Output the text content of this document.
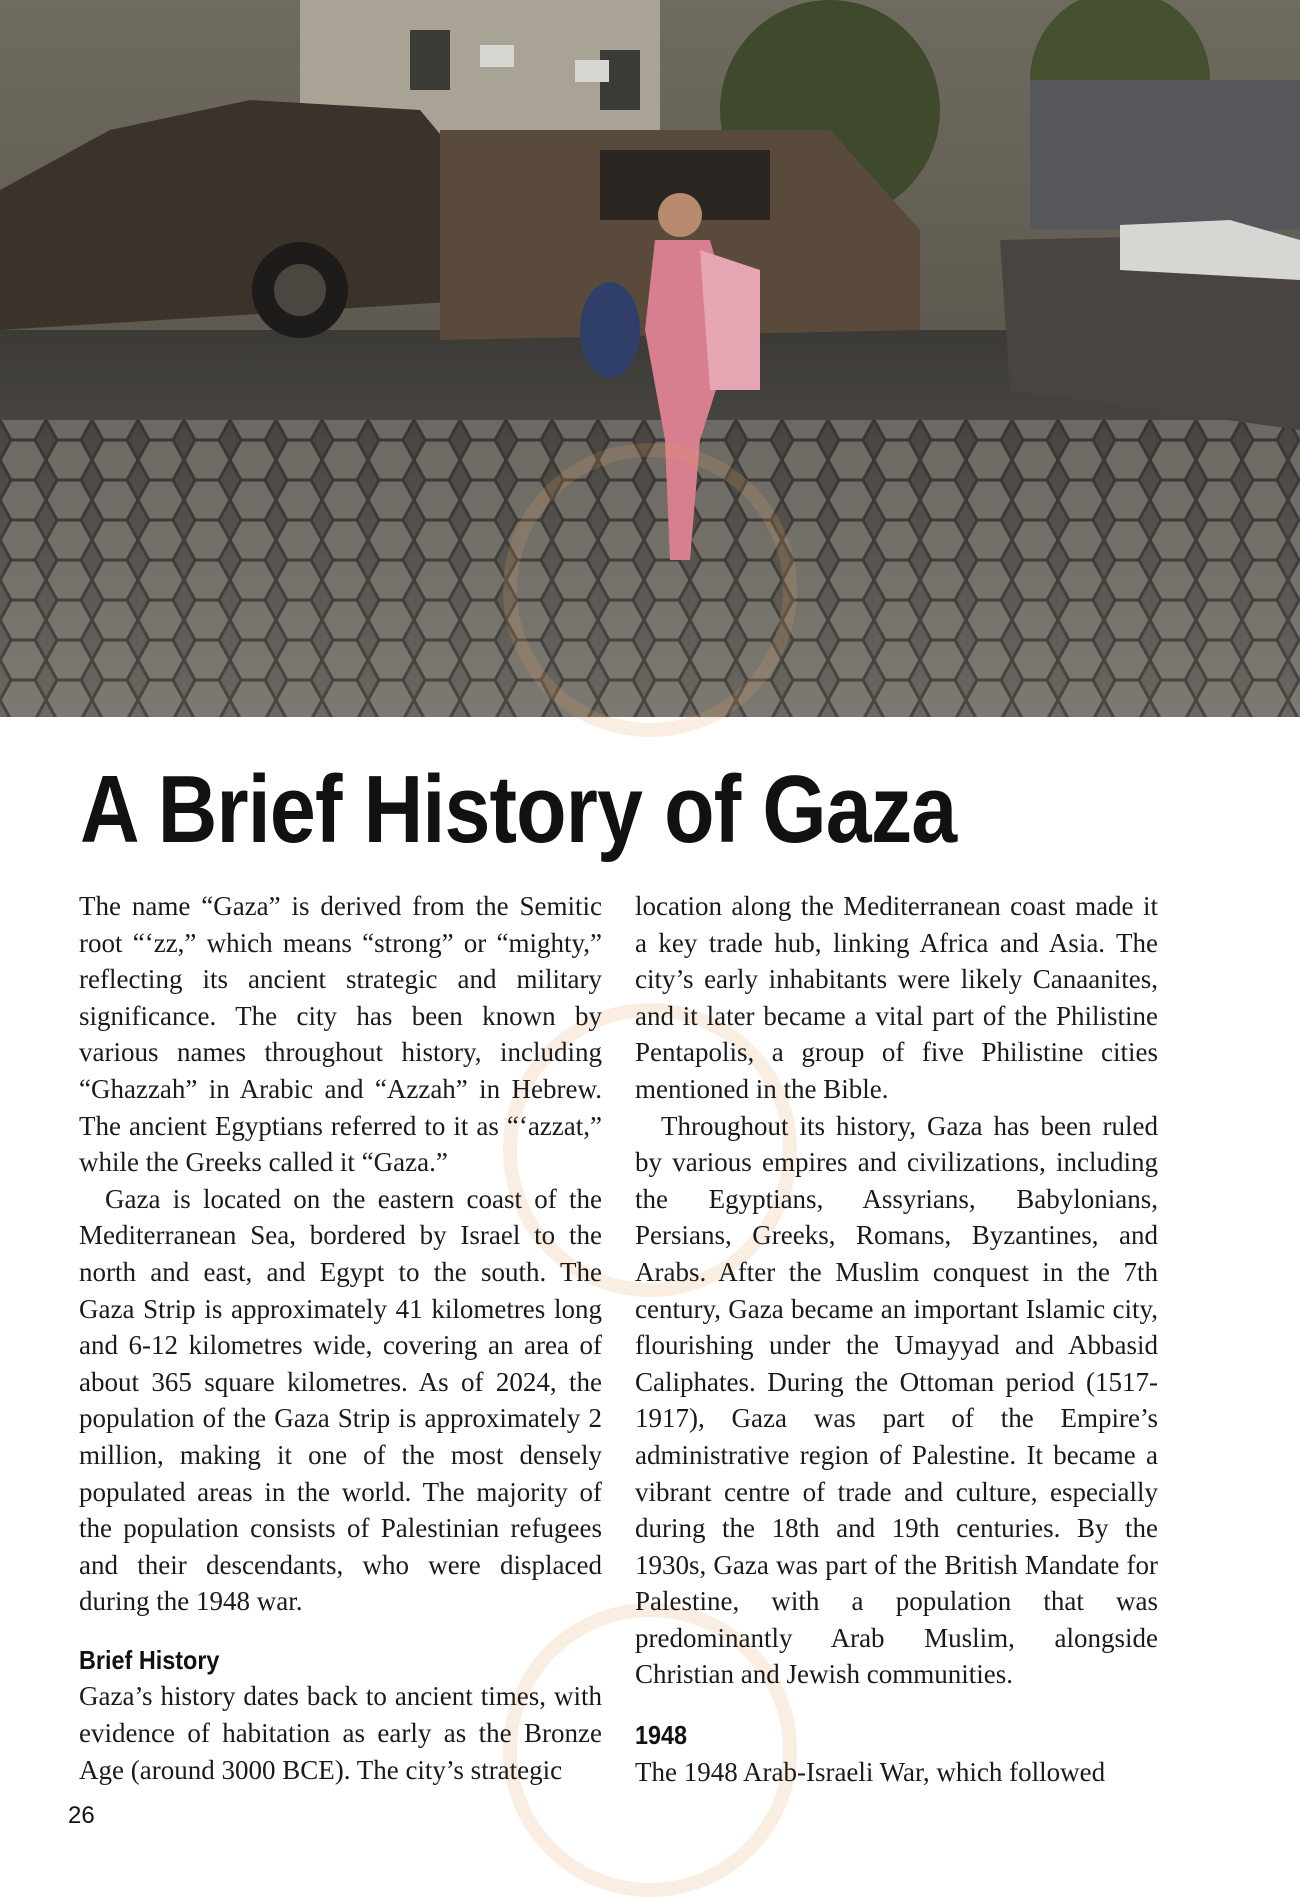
A Brief History of Gaza

The name “Gaza” is derived from the Semitic root “‘zz,” which means “strong” or “mighty,” reflecting its ancient strategic and military significance. The city has been known by various names throughout history, including “Ghazzah” in Arabic and “Azzah” in Hebrew. The ancient Egyptians referred to it as “‘azzat,” while the Greeks called it “Gaza.”

Gaza is located on the eastern coast of the Mediterranean Sea, bordered by Israel to the north and east, and Egypt to the south. The Gaza Strip is approximately 41 kilometres long and 6-12 kilometres wide, covering an area of about 365 square kilometres. As of 2024, the population of the Gaza Strip is approximately 2 million, making it one of the most densely populated areas in the world. The majority of the population consists of Palestinian refugees and their descendants, who were displaced during the 1948 war.

Brief History

Gaza’s history dates back to ancient times, with evidence of habitation as early as the Bronze Age (around 3000 BCE). The city’s strategic

location along the Mediterranean coast made it a key trade hub, linking Africa and Asia. The city’s early inhabitants were likely Canaanites, and it later became a vital part of the Philistine Pentapolis, a group of five Philistine cities mentioned in the Bible.

Throughout its history, Gaza has been ruled by various empires and civilizations, including the Egyptians, Assyrians, Babylonians, Persians, Greeks, Romans, Byzantines, and Arabs. After the Muslim conquest in the 7th century, Gaza became an important Islamic city, flourishing under the Umayyad and Abbasid Caliphates. During the Ottoman period (1517-1917), Gaza was part of the Empire’s administrative region of Palestine. It became a vibrant centre of trade and culture, especially during the 18th and 19th centuries. By the 1930s, Gaza was part of the British Mandate for Palestine, with a population that was predominantly Arab Muslim, alongside Christian and Jewish communities.

1948

The 1948 Arab-Israeli War, which followed

26
